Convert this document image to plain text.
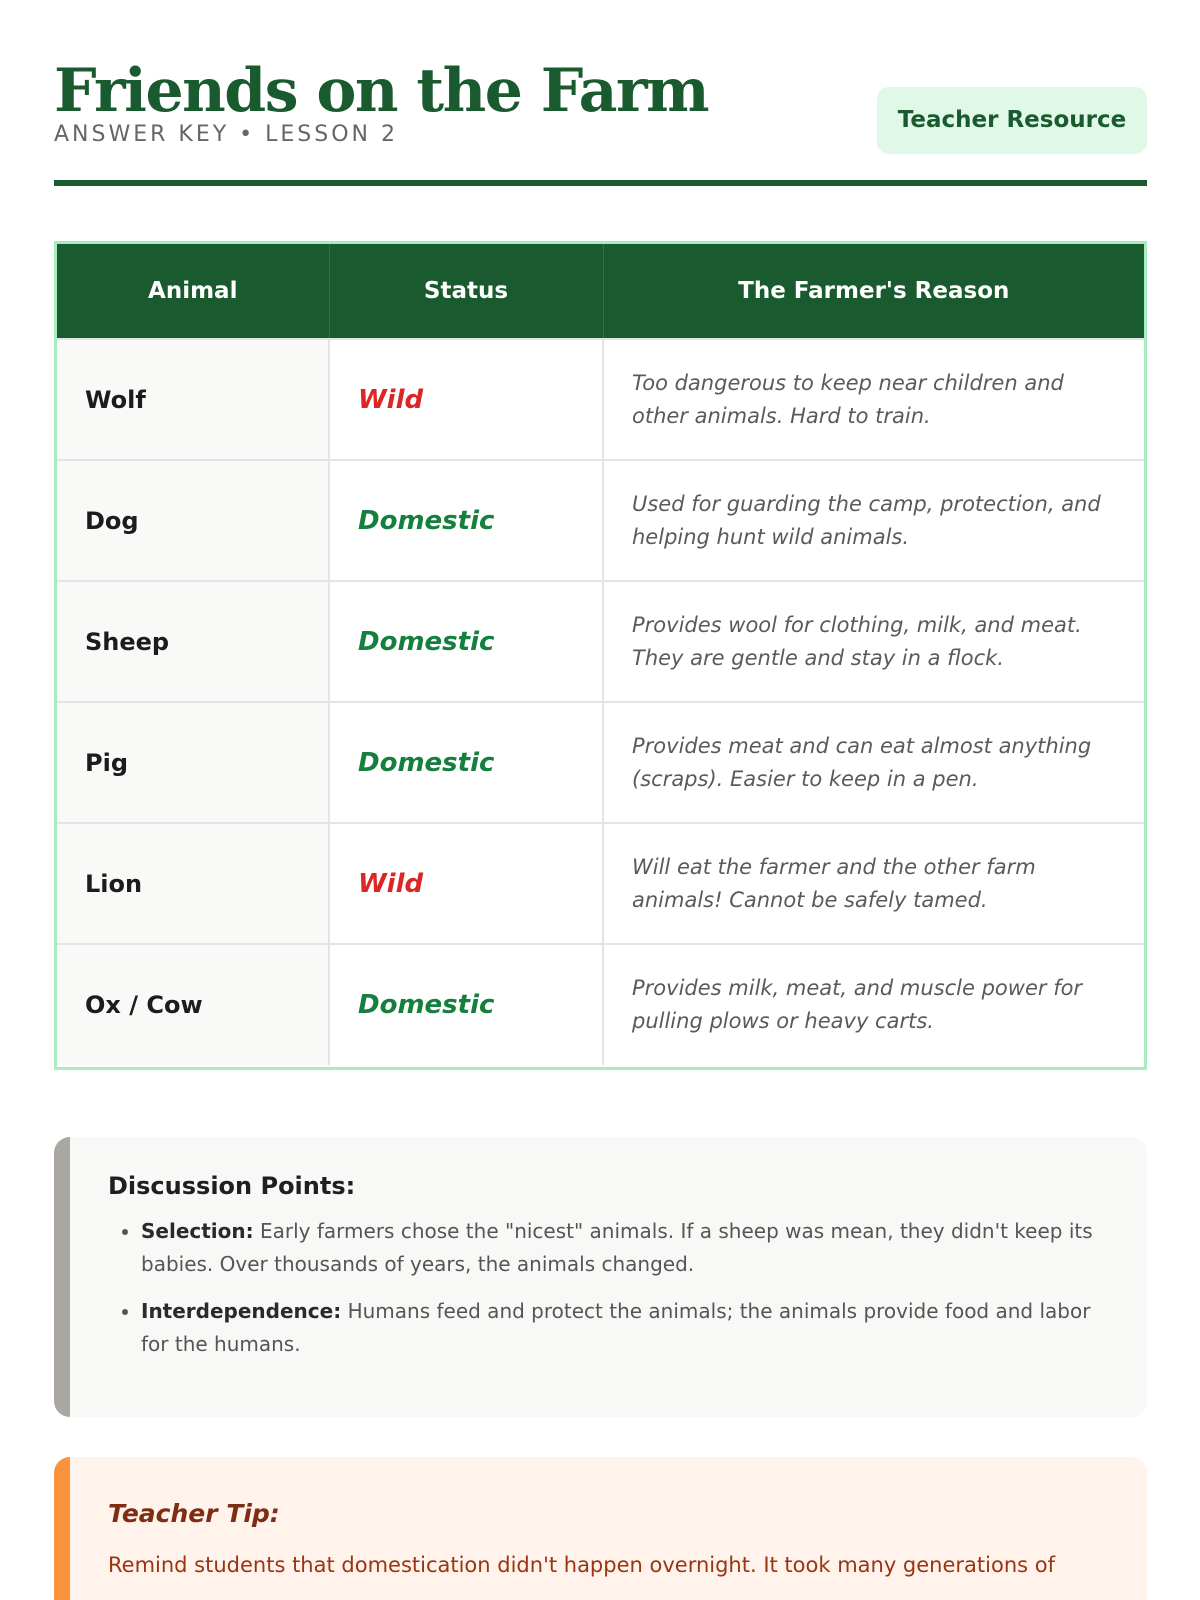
Friends on the Farm
ANSWER KEY • LESSON 2
Teacher Resource
Animal	Status	The Farmer's Reason
Wolf	Wild	Too dangerous to keep near children and other animals. Hard to train.
Dog	Domestic	Used for guarding the camp, protection, and helping hunt wild animals.
Sheep	Domestic	Provides wool for clothing, milk, and meat. They are gentle and stay in a flock.
Pig	Domestic	Provides meat and can eat almost anything (scraps). Easier to keep in a pen.
Lion	Wild	Will eat the farmer and the other farm animals! Cannot be safely tamed.
Ox / Cow	Domestic	Provides milk, meat, and muscle power for pulling plows or heavy carts.
Discussion Points:
• Selection: Early farmers chose the "nicest" animals. If a sheep was mean, they didn't keep its babies. Over thousands of years, the animals changed.
• Interdependence: Humans feed and protect the animals; the animals provide food and labor for the humans.
Teacher Tip:

Remind students that domestication didn't happen overnight. It took many generations of
